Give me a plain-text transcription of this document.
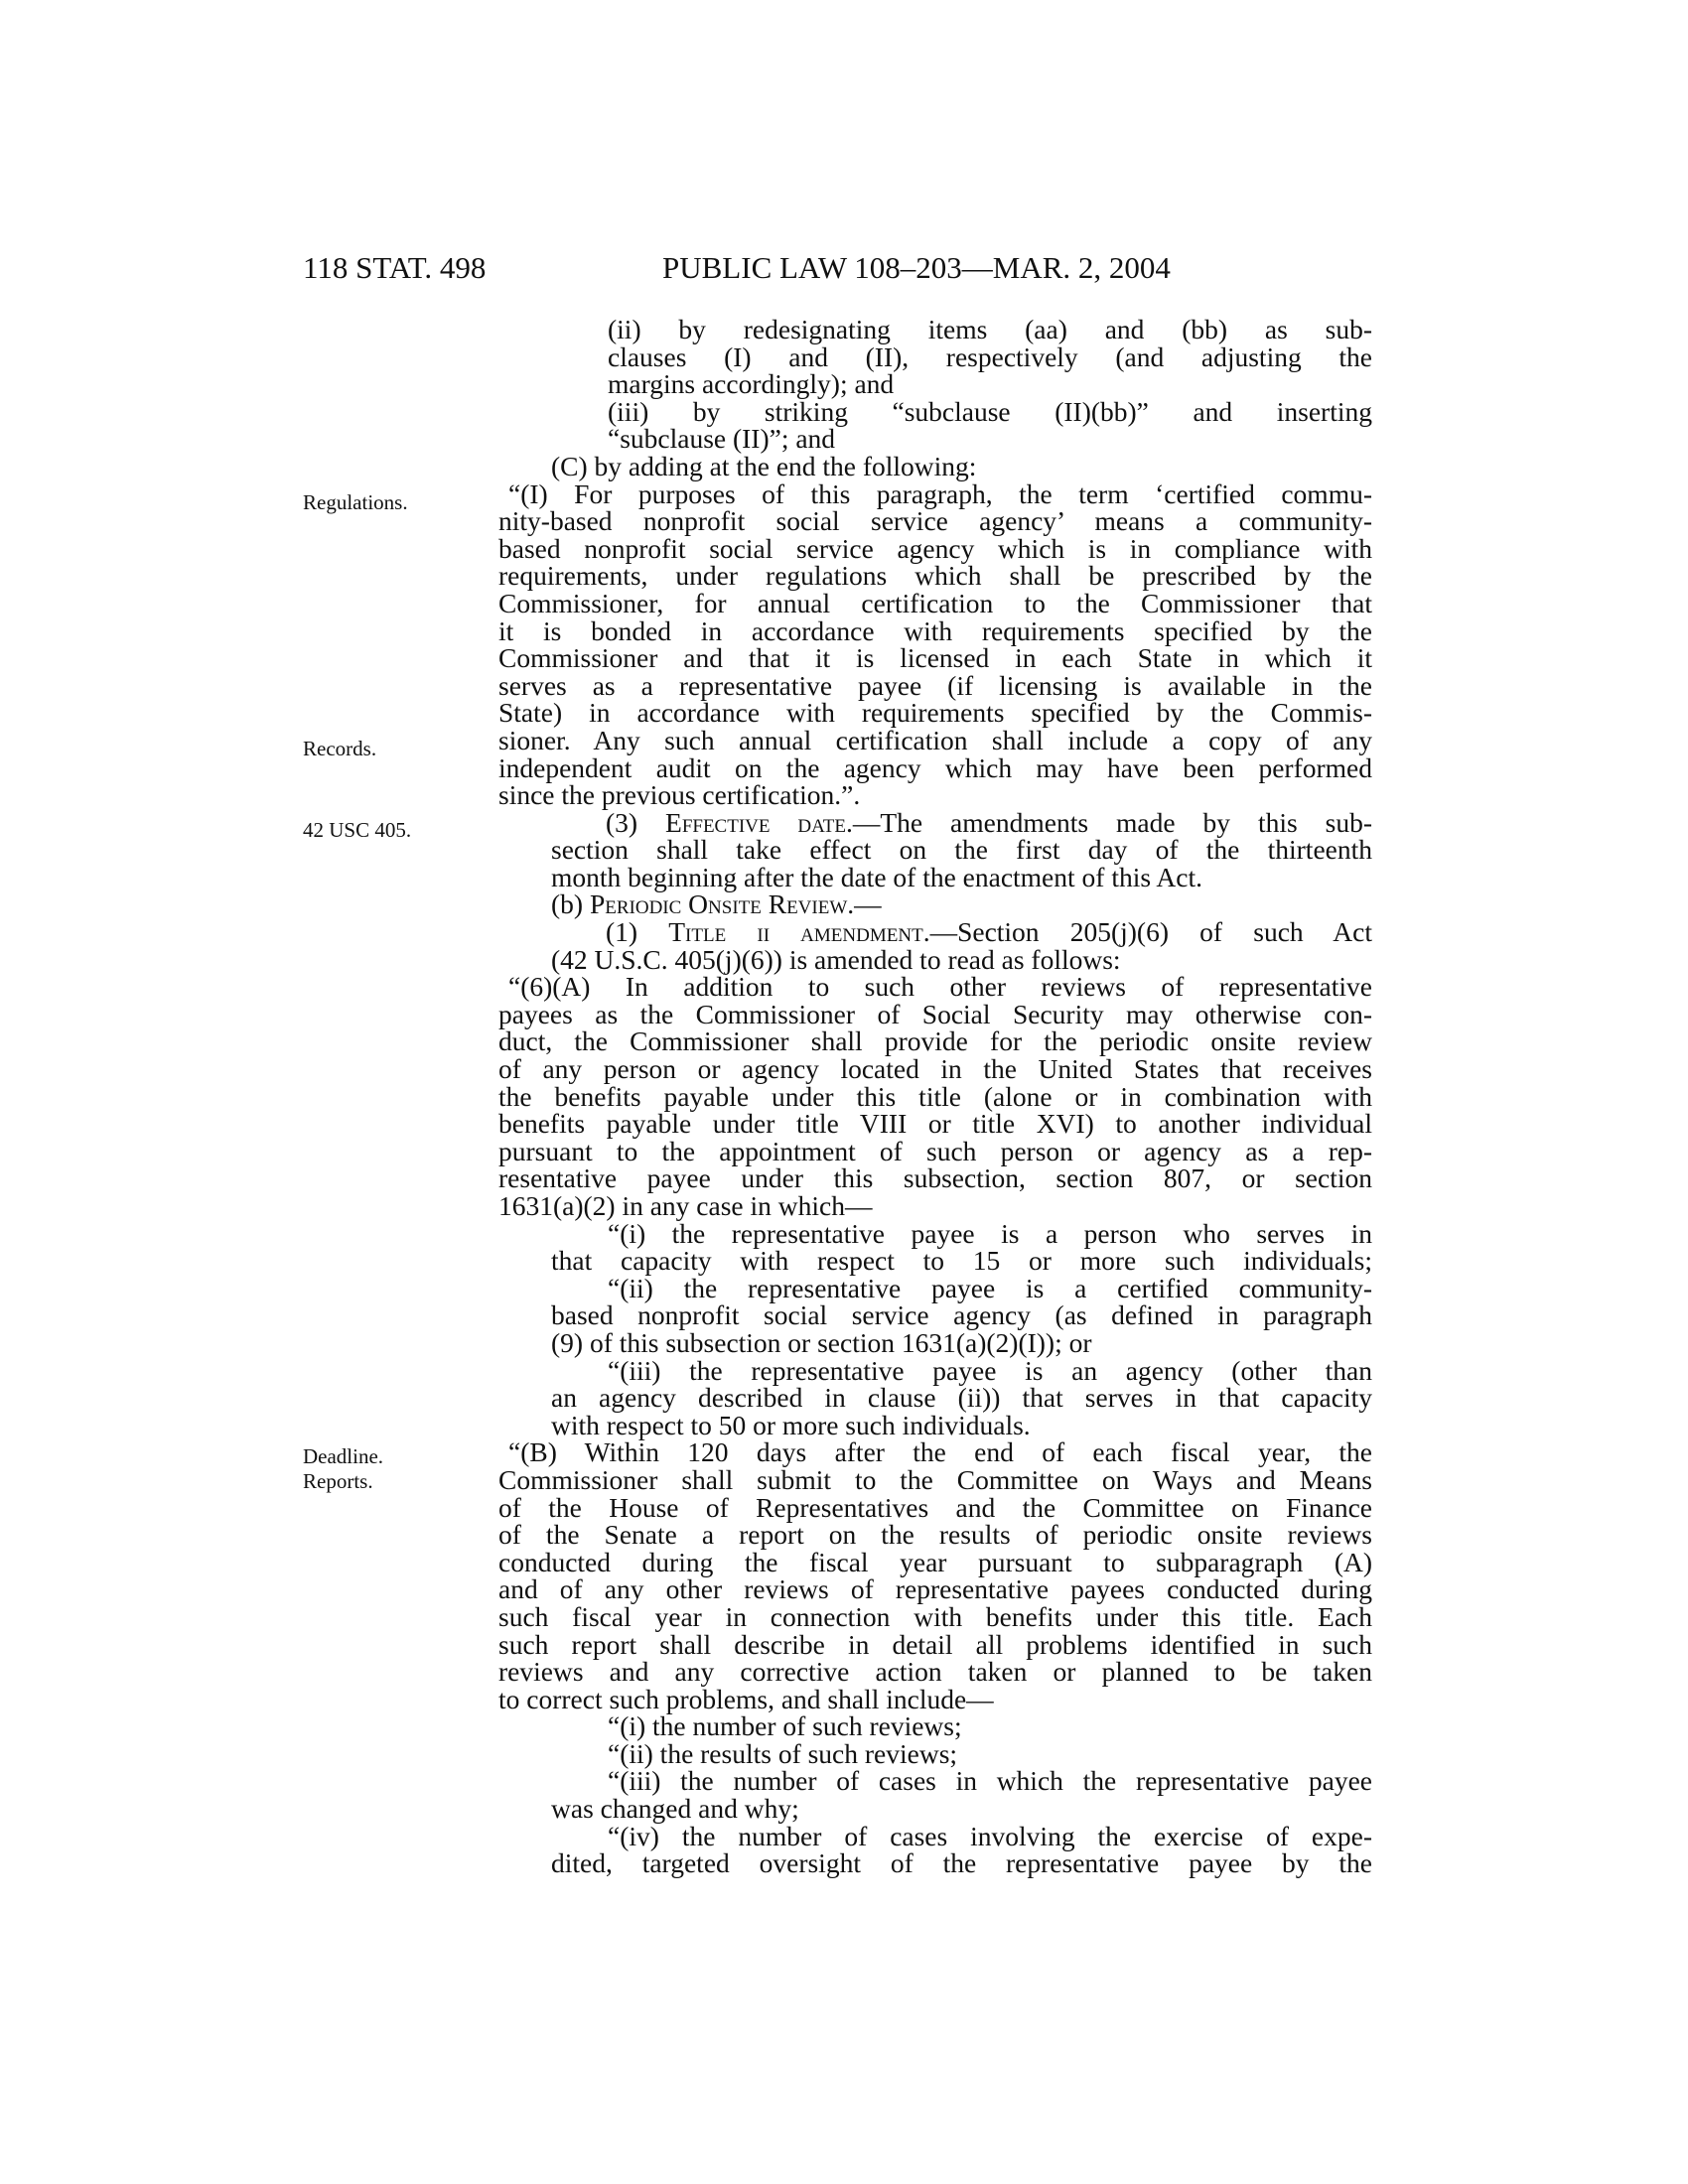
118 STAT. 498	PUBLIC LAW 108–203—MAR. 2, 2004
Regulations.
Records.
42 USC 405.
Deadline.
Reports.
(ii) by redesignating items (aa) and (bb) as sub-
clauses (I) and (II), respectively (and adjusting the
margins accordingly); and
(iii) by striking “subclause (II)(bb)” and inserting
“subclause (II)”; and
(C) by adding at the end the following:
“(I) For purposes of this paragraph, the term ‘certified commu-
nity-based nonprofit social service agency’ means a community-
based nonprofit social service agency which is in compliance with
requirements, under regulations which shall be prescribed by the
Commissioner, for annual certification to the Commissioner that
it is bonded in accordance with requirements specified by the
Commissioner and that it is licensed in each State in which it
serves as a representative payee (if licensing is available in the
State) in accordance with requirements specified by the Commis-
sioner. Any such annual certification shall include a copy of any
independent audit on the agency which may have been performed
since the previous certification.”.
(3) Effective date.—The amendments made by this sub-
section shall take effect on the first day of the thirteenth
month beginning after the date of the enactment of this Act.
(b) Periodic Onsite Review.—
(1) Title ii amendment.—Section 205(j)(6) of such Act
(42 U.S.C. 405(j)(6)) is amended to read as follows:
“(6)(A) In addition to such other reviews of representative
payees as the Commissioner of Social Security may otherwise con-
duct, the Commissioner shall provide for the periodic onsite review
of any person or agency located in the United States that receives
the benefits payable under this title (alone or in combination with
benefits payable under title VIII or title XVI) to another individual
pursuant to the appointment of such person or agency as a rep-
resentative payee under this subsection, section 807, or section
1631(a)(2) in any case in which—
“(i) the representative payee is a person who serves in
that capacity with respect to 15 or more such individuals;
“(ii) the representative payee is a certified community-
based nonprofit social service agency (as defined in paragraph
(9) of this subsection or section 1631(a)(2)(I)); or
“(iii) the representative payee is an agency (other than
an agency described in clause (ii)) that serves in that capacity
with respect to 50 or more such individuals.
“(B) Within 120 days after the end of each fiscal year, the
Commissioner shall submit to the Committee on Ways and Means
of the House of Representatives and the Committee on Finance
of the Senate a report on the results of periodic onsite reviews
conducted during the fiscal year pursuant to subparagraph (A)
and of any other reviews of representative payees conducted during
such fiscal year in connection with benefits under this title. Each
such report shall describe in detail all problems identified in such
reviews and any corrective action taken or planned to be taken
to correct such problems, and shall include—
“(i) the number of such reviews;
“(ii) the results of such reviews;
“(iii) the number of cases in which the representative payee
was changed and why;
“(iv) the number of cases involving the exercise of expe-
dited, targeted oversight of the representative payee by the
